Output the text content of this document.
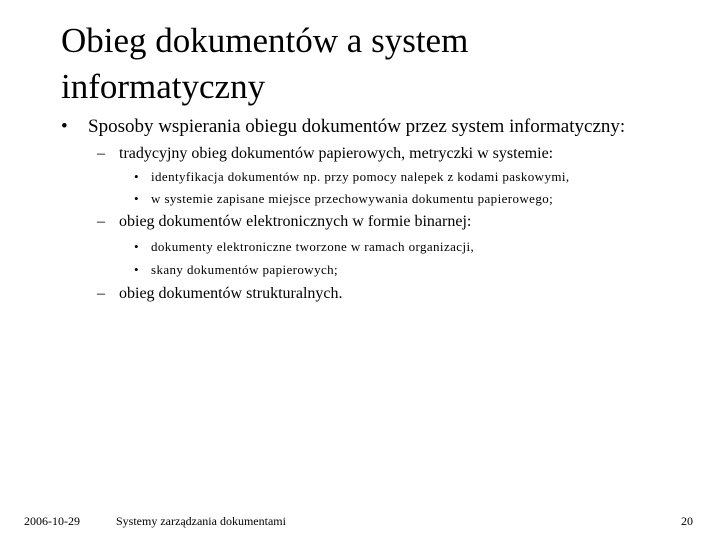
Obieg dokumentów a system
informatyczny
• Sposoby wspierania obiegu dokumentów przez system informatyczny:
– tradycyjny obieg dokumentów papierowych, metryczki w systemie:
• identyfikacja dokumentów np. przy pomocy nalepek z kodami paskowymi,
• w systemie zapisane miejsce przechowywania dokumentu papierowego;
– obieg dokumentów elektronicznych w formie binarnej:
• dokumenty elektroniczne tworzone w ramach organizacji,
• skany dokumentów papierowych;
– obieg dokumentów strukturalnych.
2006-10-29	Systemy zarządzania dokumentami	20
